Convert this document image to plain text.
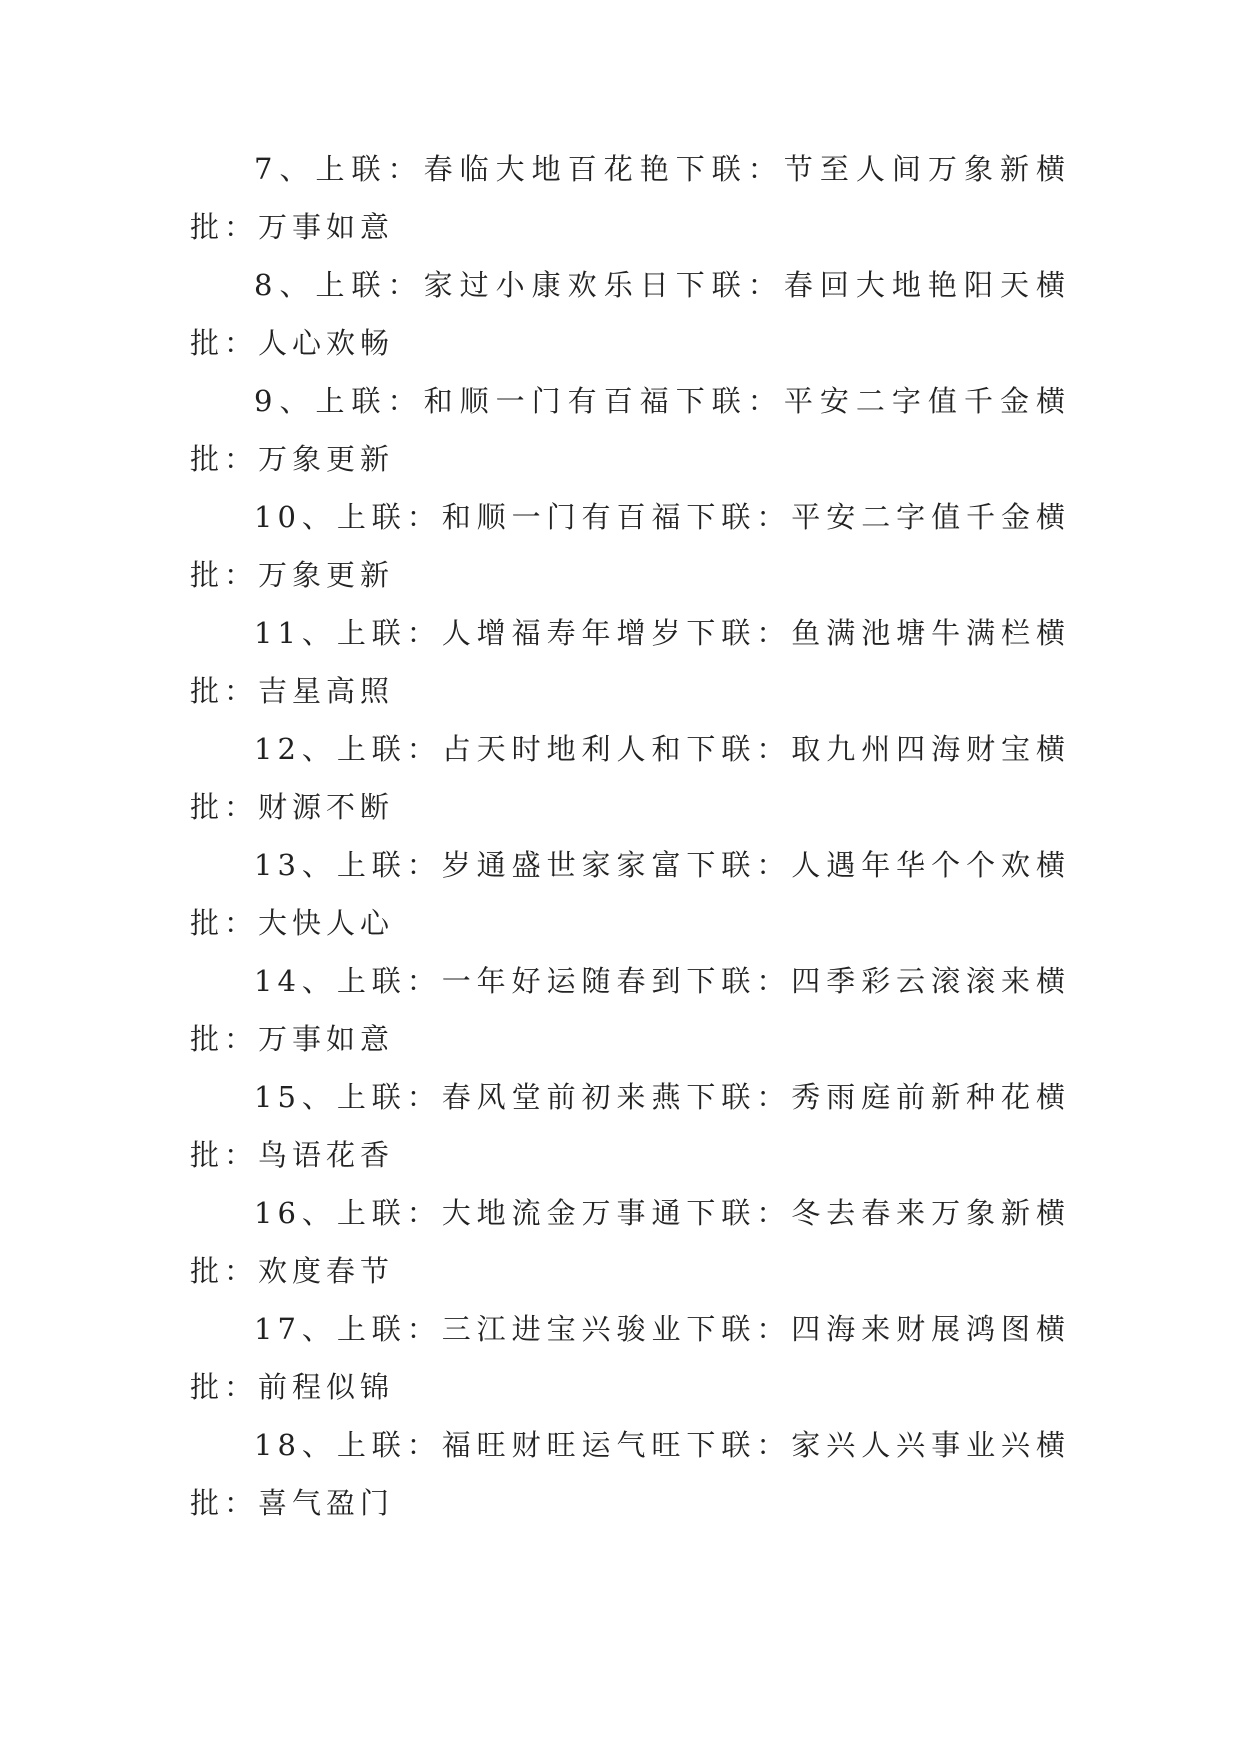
7、上联：春临大地百花艳下联：节至人间万象新横批：万事如意

8、上联：家过小康欢乐日下联：春回大地艳阳天横批：人心欢畅

9、上联：和顺一门有百福下联：平安二字值千金横批：万象更新

10、上联：和顺一门有百福下联：平安二字值千金横批：万象更新

11、上联：人增福寿年增岁下联：鱼满池塘牛满栏横批：吉星高照

12、上联：占天时地利人和下联：取九州四海财宝横批：财源不断

13、上联：岁通盛世家家富下联：人遇年华个个欢横批：大快人心

14、上联：一年好运随春到下联：四季彩云滚滚来横批：万事如意

15、上联：春风堂前初来燕下联：秀雨庭前新种花横批：鸟语花香

16、上联：大地流金万事通下联：冬去春来万象新横批：欢度春节

17、上联：三江进宝兴骏业下联：四海来财展鸿图横批：前程似锦

18、上联：福旺财旺运气旺下联：家兴人兴事业兴横批：喜气盈门
